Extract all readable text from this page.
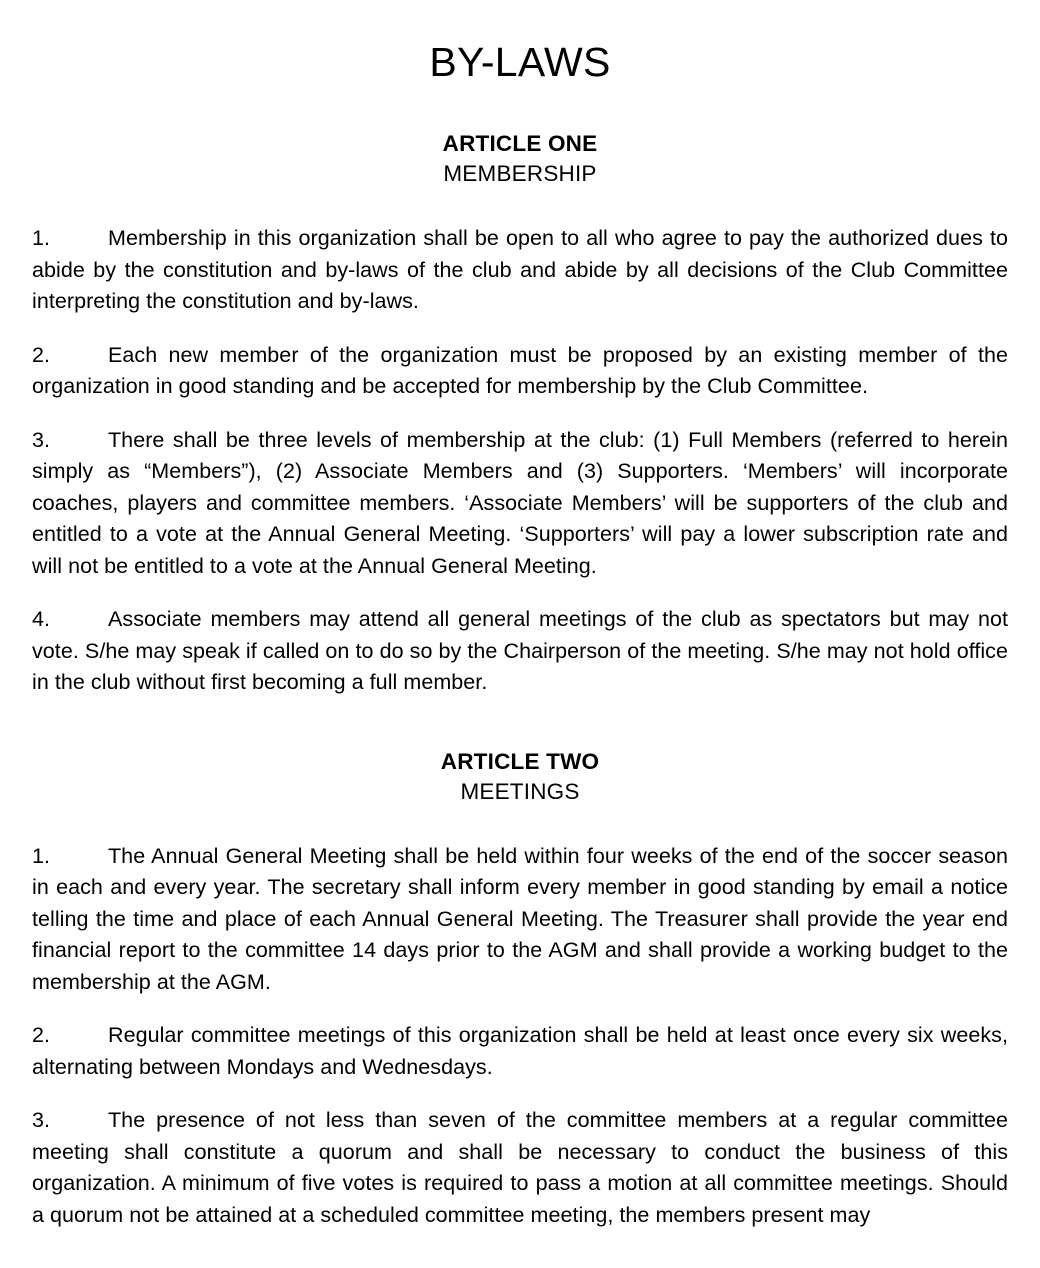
BY-LAWS
ARTICLE ONE
MEMBERSHIP

1.	Membership in this organization shall be open to all who agree to pay the authorized dues to abide by the constitution and by-laws of the club and abide by all decisions of the Club Committee interpreting the constitution and by-laws.

2.	Each new member of the organization must be proposed by an existing member of the organization in good standing and be accepted for membership by the Club Committee.

3.	There shall be three levels of membership at the club: (1) Full Members (referred to herein simply as “Members”), (2) Associate Members and (3) Supporters. ‘Members’ will incorporate coaches, players and committee members. ‘Associate Members’ will be supporters of the club and entitled to a vote at the Annual General Meeting. ‘Supporters’ will pay a lower subscription rate and will not be entitled to a vote at the Annual General Meeting.

4.	Associate members may attend all general meetings of the club as spectators but may not vote. S/he may speak if called on to do so by the Chairperson of the meeting. S/he may not hold office in the club without first becoming a full member.

ARTICLE TWO
MEETINGS

1.	The Annual General Meeting shall be held within four weeks of the end of the soccer season in each and every year. The secretary shall inform every member in good standing by email a notice telling the time and place of each Annual General Meeting. The Treasurer shall provide the year end financial report to the committee 14 days prior to the AGM and shall provide a working budget to the membership at the AGM.

2.	Regular committee meetings of this organization shall be held at least once every six weeks, alternating between Mondays and Wednesdays.

3.	The presence of not less than seven of the committee members at a regular committee meeting shall constitute a quorum and shall be necessary to conduct the business of this organization. A minimum of five votes is required to pass a motion at all committee meetings. Should a quorum not be attained at a scheduled committee meeting, the members present may
